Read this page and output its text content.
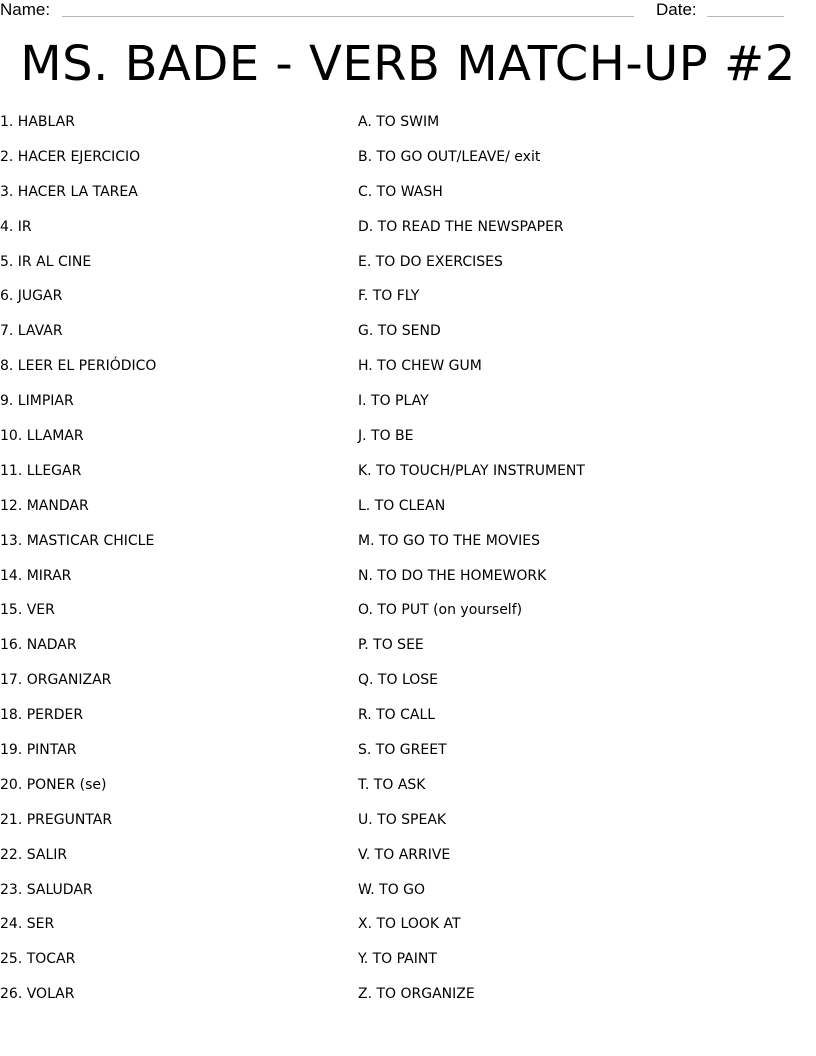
Name:	Date:
MS. BADE - VERB MATCH-UP #2
1. HABLAR
2. HACER EJERCICIO
3. HACER LA TAREA
4. IR
5. IR AL CINE
6. JUGAR
7. LAVAR
8. LEER EL PERIÓDICO
9. LIMPIAR
10. LLAMAR
11. LLEGAR
12. MANDAR
13. MASTICAR CHICLE
14. MIRAR
15. VER
16. NADAR
17. ORGANIZAR
18. PERDER
19. PINTAR
20. PONER (se)
21. PREGUNTAR
22. SALIR
23. SALUDAR
24. SER
25. TOCAR
26. VOLAR
A. TO SWIM
B. TO GO OUT/LEAVE/ exit
C. TO WASH
D. TO READ THE NEWSPAPER
E. TO DO EXERCISES
F. TO FLY
G. TO SEND
H. TO CHEW GUM
I. TO PLAY
J. TO BE
K. TO TOUCH/PLAY INSTRUMENT
L. TO CLEAN
M. TO GO TO THE MOVIES
N. TO DO THE HOMEWORK
O. TO PUT (on yourself)
P. TO SEE
Q. TO LOSE
R. TO CALL
S. TO GREET
T. TO ASK
U. TO SPEAK
V. TO ARRIVE
W. TO GO
X. TO LOOK AT
Y. TO PAINT
Z. TO ORGANIZE
